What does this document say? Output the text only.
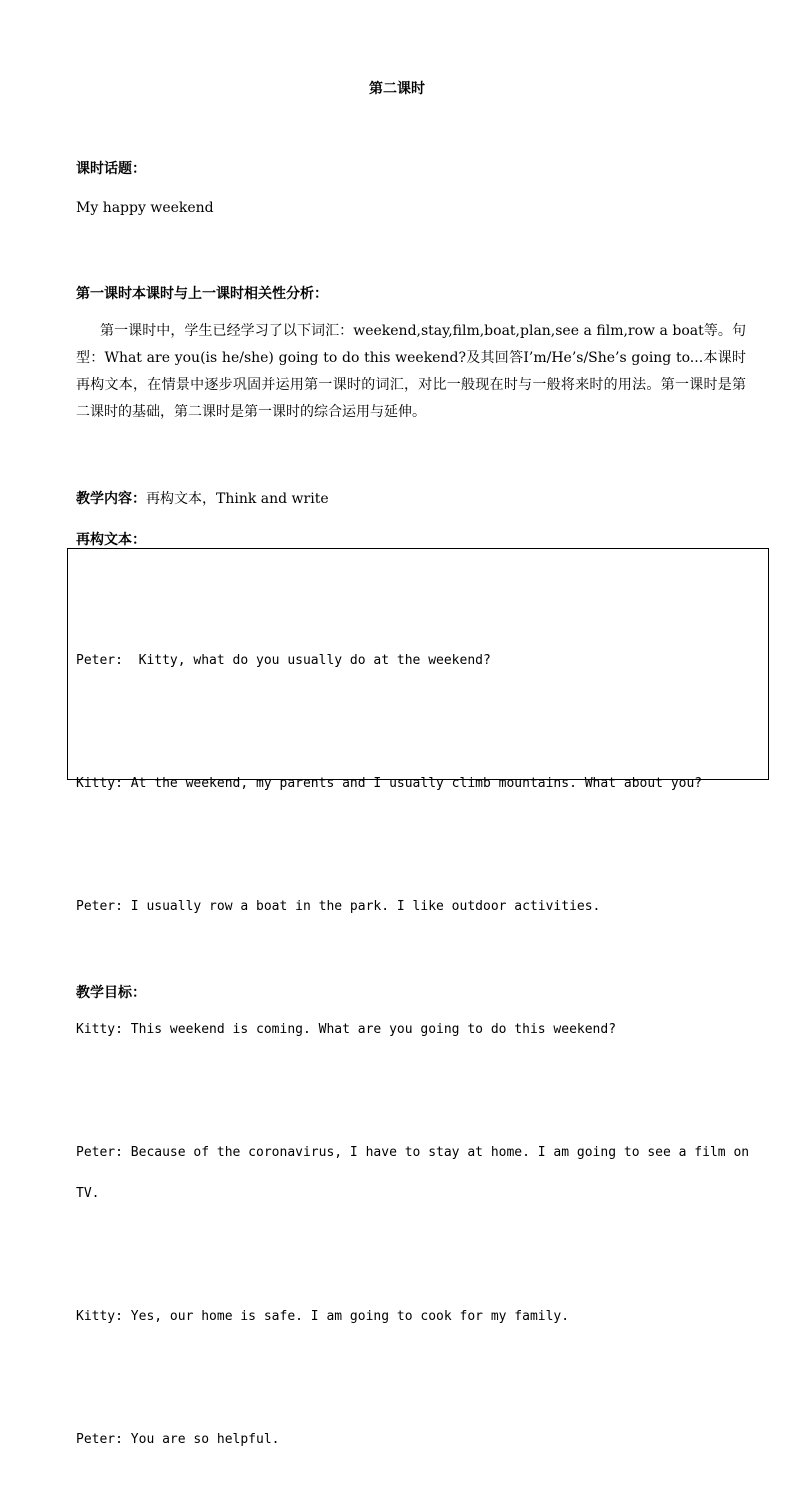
第二课时
课时话题：
My happy weekend
第一课时本课时与上一课时相关性分析：
第一课时中，学生已经学习了以下词汇：weekend,stay,film,boat,plan,see a film,row a boat等。句型：What are you(is he/she) going to do this weekend?及其回答I’m/He’s/She’s going to...本课时再构文本，在情景中逐步巩固并运用第一课时的词汇，对比一般现在时与一般将来时的用法。第一课时是第二课时的基础，第二课时是第一课时的综合运用与延伸。
教学内容：再构文本，Think and write
再构文本：

Peter:  Kitty, what do you usually do at the weekend?

Kitty: At the weekend, my parents and I usually climb mountains. What about you?

Peter: I usually row a boat in the park. I like outdoor activities.

Kitty: This weekend is coming. What are you going to do this weekend?

Peter: Because of the coronavirus, I have to stay at home. I am going to see a film on TV.

Kitty: Yes, our home is safe. I am going to cook for my family.

Peter: You are so helpful.

教学目标：
